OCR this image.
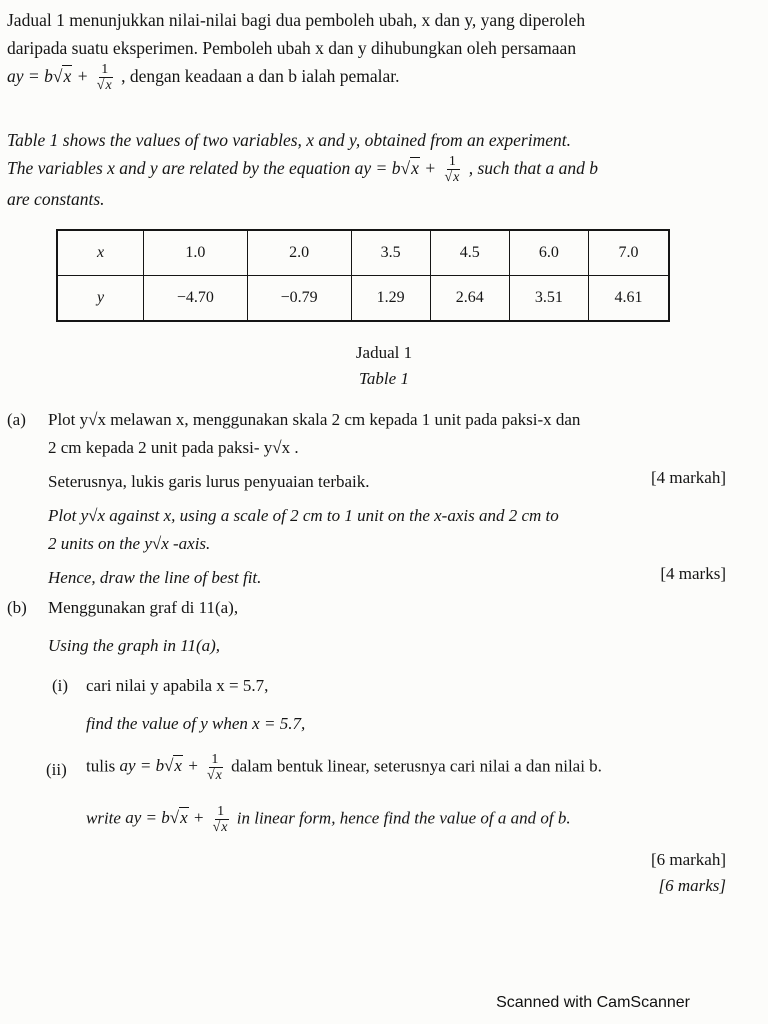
Jadual 1 menunjukkan nilai-nilai bagi dua pemboleh ubah, x dan y, yang diperoleh
daripada suatu eksperimen. Pemboleh ubah x dan y dihubungkan oleh persamaan
ay = $b√x + \frac{1}{√x}$ , dengan keadaan a dan b ialah pemalar.

Table 1 shows the values of two variables, x and y, obtained from an experiment.
The variables x and y are related by the equation ay = $b√x + \frac{1}{√x}$ , such that a and b
are constants.

x	1.0	2.0	3.5	4.5	6.0	7.0
y	−4.70	−0.79	1.29	2.64	3.51	4.61
Jadual 1
Table 1
(a) Plot y√x melawan x, menggunakan skala 2 cm kepada 1 unit pada paksi-x dan
2 cm kepada 2 unit pada paksi- y√x .
Seterusnya, lukis garis lurus penyuaian terbaik.
Plot y√x against x, using a scale of 2 cm to 1 unit on the x-axis and 2 cm to
2 units on the y√x -axis.
Hence, draw the line of best fit.
[4 markah]
[4 marks]
(b) Menggunakan graf di 11(a),
Using the graph in 11(a),
(i) cari nilai y apabila x = 5.7,
find the value of y when x = 5.7,
(ii) tulis ay = $b√x + \frac{1}{√x}$ dalam bentuk linear, seterusnya cari nilai a dan nilai b.
write ay = $b√x + \frac{1}{√x}$ in linear form, hence find the value of a and of b.
[6 markah]
[6 marks]
Scanned with CamScanner
